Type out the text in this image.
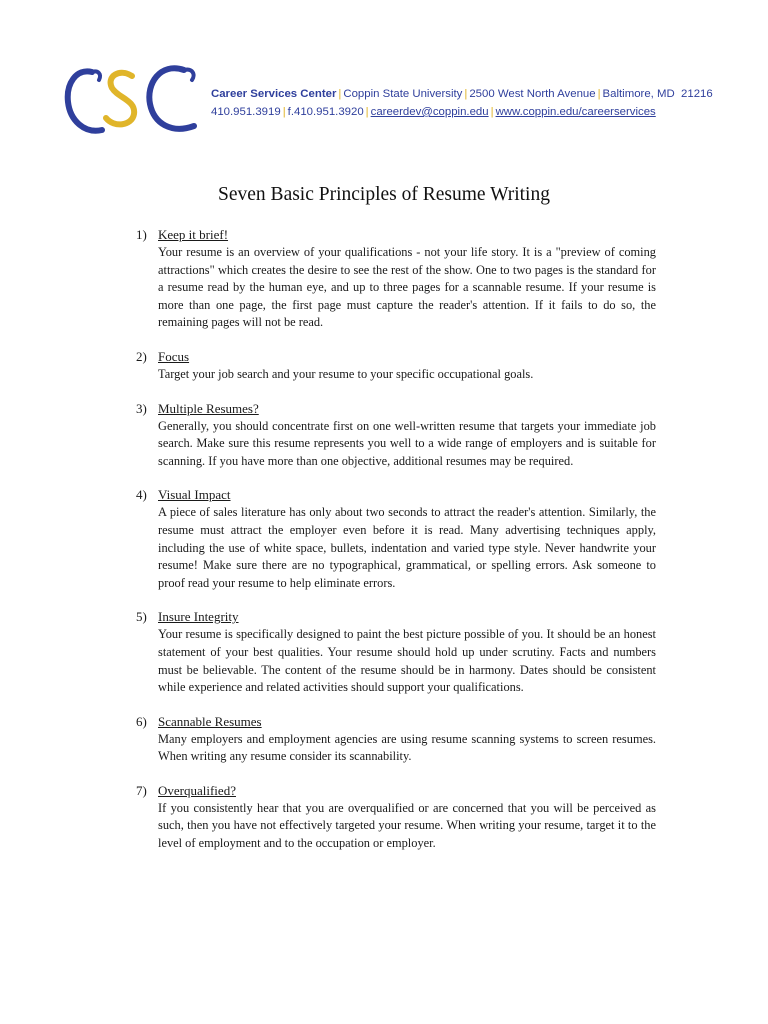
Career Services Center | Coppin State University | 2500 West North Avenue | Baltimore, MD  21216
410.951.3919 | f.410.951.3920 | careerdev@coppin.edu | www.coppin.edu/careerservices
Seven Basic Principles of Resume Writing
1) Keep it brief!

Your resume is an overview of your qualifications - not your life story. It is a "preview of coming attractions" which creates the desire to see the rest of the show. One to two pages is the standard for a resume read by the human eye, and up to three pages for a scannable resume. If your resume is more than one page, the first page must capture the reader's attention. If it fails to do so, the remaining pages will not be read.

2) Focus

Target your job search and your resume to your specific occupational goals.

3) Multiple Resumes?

Generally, you should concentrate first on one well-written resume that targets your immediate job search. Make sure this resume represents you well to a wide range of employers and is suitable for scanning. If you have more than one objective, additional resumes may be required.

4) Visual Impact

A piece of sales literature has only about two seconds to attract the reader's attention. Similarly, the resume must attract the employer even before it is read. Many advertising techniques apply, including the use of white space, bullets, indentation and varied type style. Never handwrite your resume! Make sure there are no typographical, grammatical, or spelling errors. Ask someone to proof read your resume to help eliminate errors.

5) Insure Integrity

Your resume is specifically designed to paint the best picture possible of you. It should be an honest statement of your best qualities. Your resume should hold up under scrutiny. Facts and numbers must be believable. The content of the resume should be in harmony. Dates should be consistent while experience and related activities should support your qualifications.

6) Scannable Resumes

Many employers and employment agencies are using resume scanning systems to screen resumes. When writing any resume consider its scannability.

7) Overqualified?

If you consistently hear that you are overqualified or are concerned that you will be perceived as such, then you have not effectively targeted your resume. When writing your resume, target it to the level of employment and to the occupation or employer.
